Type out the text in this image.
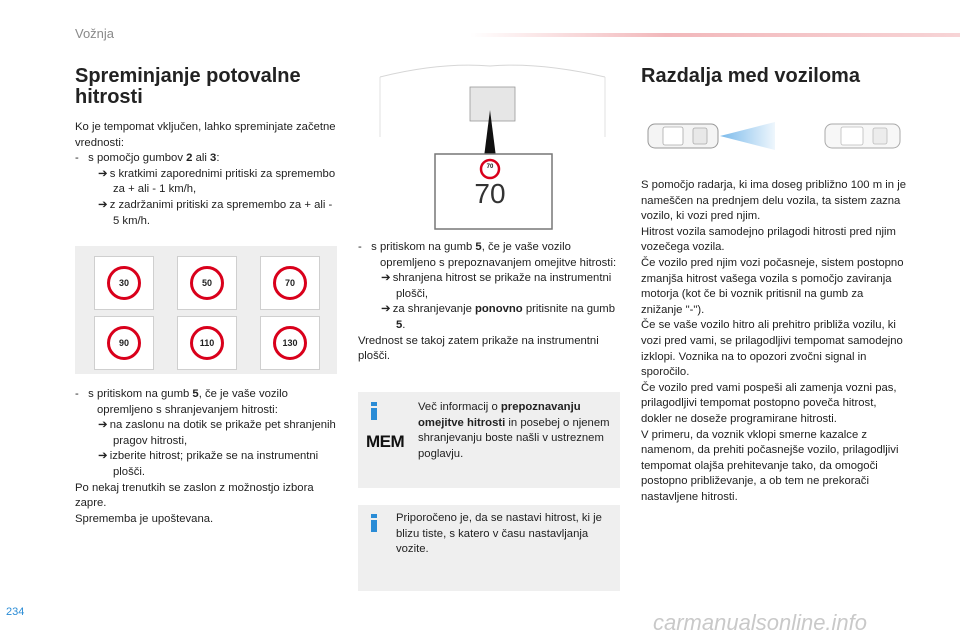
Vožnja
Spreminjanje potovalne hitrosti

Ko je tempomat vključen, lahko spreminjate začetne vrednosti:

-   s pomočjo gumbov 2 ali 3:

➔ s kratkimi zaporednimi pritiski za spremembo za + ali - 1 km/h,

➔ z zadržanimi pritiski za spremembo za + ali - 5 km/h.

30	50	70
90	110	130

-   s pritiskom na gumb 5, če je vaše vozilo opremljeno s shranjevanjem hitrosti:

➔ na zaslonu na dotik se prikaže pet shranjenih pragov hitrosti,

➔ izberite hitrost; prikaže se na instrumentni plošči.

Po nekaj trenutkih se zaslon z možnostjo izbora zapre.

Sprememba je upoštevana.

70
70

-   s pritiskom na gumb 5, če je vaše vozilo opremljeno s prepoznavanjem omejitve hitrosti:

➔ shranjena hitrost se prikaže na instrumentni plošči,

➔ za shranjevanje ponovno pritisnite na gumb 5.

Vrednost se takoj zatem prikaže na instrumentni plošči.

MEM
Več informacij o prepoznavanju omejitve hitrosti in posebej o njenem shranjevanju boste našli v ustreznem poglavju.
Priporočeno je, da se nastavi hitrost, ki je blizu tiste, s katero v času nastavljanja vozite.
Razdalja med voziloma

S pomočjo radarja, ki ima doseg približno 100 m in je nameščen na prednjem delu vozila, ta sistem zazna vozilo, ki vozi pred njim.

Hitrost vozila samodejno prilagodi hitrosti pred njim vozečega vozila.

Če vozilo pred njim vozi počasneje, sistem postopno zmanjša hitrost vašega vozila s pomočjo zaviranja motorja (kot če bi voznik pritisnil na gumb za znižanje "-").

Če se vaše vozilo hitro ali prehitro približa vozilu, ki vozi pred vami, se prilagodljivi tempomat samodejno izklopi. Voznika na to opozori zvočni signal in sporočilo.

Če vozilo pred vami pospeši ali zamenja vozni pas, prilagodljivi tempomat postopno poveča hitrost, dokler ne doseže programirane hitrosti.

V primeru, da voznik vklopi smerne kazalce z namenom, da prehiti počasnejše vozilo, prilagodljivi tempomat olajša prehitevanje tako, da omogoči postopno približevanje, a ob tem ne prekorači nastavljene hitrosti.

234	carmanualsonline.info
